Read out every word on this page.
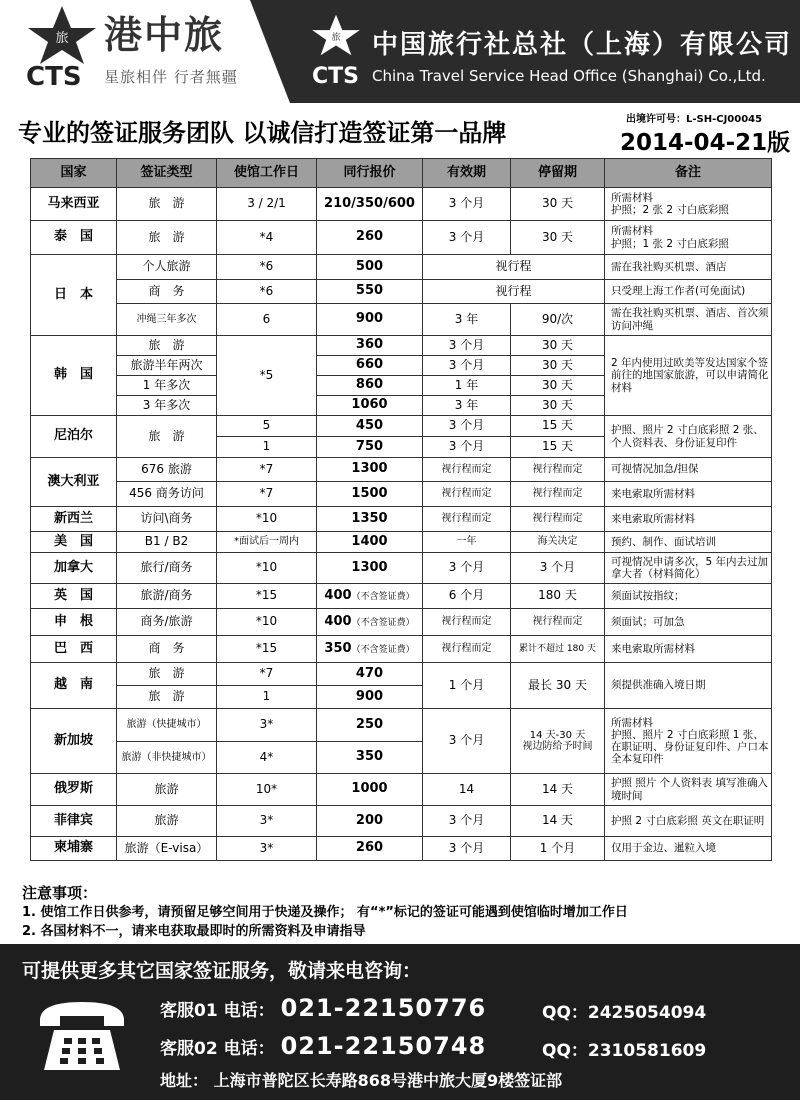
旅
CTS
港中旅
星旅相伴 行者無疆
旅
CTS
中国旅行社总社（上海）有限公司
China Travel Service Head Office (Shanghai) Co.,Ltd.
专业的签证服务团队 以诚信打造签证第一品牌	出境许可号：L-SH-CJ00045
2014-04-21版
国家	签证类型	使馆工作日	同行报价	有效期	停留期	备注
马来西亚	旅　游	3 / 2/1	210/350/600	3 个月	30 天	所需材料
护照；2 张 2 寸白底彩照
泰　国	旅　游	*4	260	3 个月	30 天	所需材料
护照；1 张 2 寸白底彩照
日　本	个人旅游	*6	500	视行程		需在我社购买机票、酒店
	商　务	*6	550	视行程		只受理上海工作者(可免面试)
	冲绳三年多次	6	900	3 年	90/次	需在我社购买机票、酒店、首次须访问冲绳
韩　国	旅　游	*5	360	3 个月	30 天	2 年内使用过欧美等发达国家个签前往的地国家旅游，可以申请简化材料
	旅游半年两次		660	3 个月	30 天	
	1 年多次		860	1 年	30 天	
	3 年多次		1060	3 年	30 天	
尼泊尔	旅　游	5	450	3 个月	15 天	护照、照片 2 寸白底彩照 2 张、个人资料表、身份证复印件
		1	750	3 个月	15 天	
澳大利亚	676 旅游	*7	1300	视行程而定	视行程而定	可视情况加急/担保
	456 商务访问	*7	1500	视行程而定	视行程而定	来电索取所需材料
新西兰	访问\商务	*10	1350	视行程而定	视行程而定	来电索取所需材料
美　国	B1 / B2	*面试后一周内	1400	一年	海关决定	预约、制作、面试培训
加拿大	旅行/商务	*10	1300	3 个月	3 个月	可视情况申请多次，5 年内去过加拿大者（材料简化）
英　国	旅游/商务	*15	400（不含签证费）	6 个月	180 天	须面试按指纹；
申　根	商务/旅游	*10	400（不含签证费）	视行程而定	视行程而定	须面试；可加急
巴　西	商　务	*15	350（不含签证费）	视行程而定	累计不超过 180 天	来电索取所需材料
越　南	旅　游	*7	470	1 个月	最长 30 天	须提供准确入境日期
	旅　游	1	900			
新加坡	旅游（快捷城市）	3*	250	3 个月	14 天-30 天
视边防给予时间	所需材料
护照、照片 2 寸白底彩照 1 张、在职证明、身份证复印件、户口本全本复印件
	旅游（非快捷城市）	4*	350			
俄罗斯	旅游	10*	1000	14	14 天	护照 照片 个人资料表 填写准确入境时间
菲律宾	旅游	3*	200	3 个月	14 天	护照 2 寸白底彩照 英文在职证明
柬埔寨	旅游（E-visa）	3*	260	3 个月	1 个月	仅用于金边、暹粒入境
注意事项：
1. 使馆工作日供参考，请预留足够空间用于快递及操作； 有“*”标记的签证可能遇到使馆临时增加工作日
2. 各国材料不一，请来电获取最即时的所需资料及申请指导
可提供更多其它国家签证服务，敬请来电咨询：
客服01 电话： 021-22150776	QQ：2425054094
客服02 电话： 021-22150748	QQ：2310581609
地址： 上海市普陀区长寿路868号港中旅大厦9楼签证部
